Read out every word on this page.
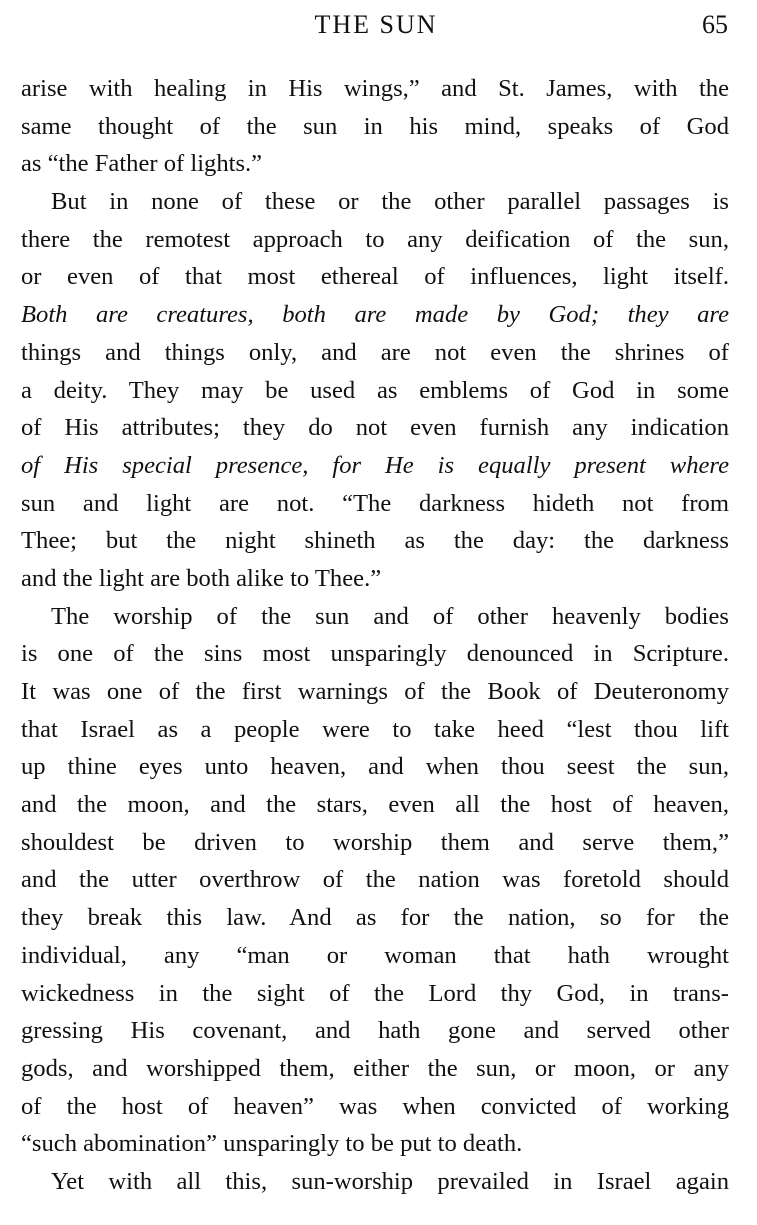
THE SUN	65
arise with healing in His wings,” and St. James, with the
same thought of the sun in his mind, speaks of God
as “the Father of lights.”
But in none of these or the other parallel passages is
there the remotest approach to any deification of the sun,
or even of that most ethereal of influences, light itself.
Both are creatures, both are made by God; they are
things and things only, and are not even the shrines of
a deity. They may be used as emblems of God in some
of His attributes; they do not even furnish any indication
of His special presence, for He is equally present where
sun and light are not. “The darkness hideth not from
Thee; but the night shineth as the day: the darkness
and the light are both alike to Thee.”
The worship of the sun and of other heavenly bodies
is one of the sins most unsparingly denounced in Scripture.
It was one of the first warnings of the Book of Deuteronomy
that Israel as a people were to take heed “lest thou lift
up thine eyes unto heaven, and when thou seest the sun,
and the moon, and the stars, even all the host of heaven,
shouldest be driven to worship them and serve them,”
and the utter overthrow of the nation was foretold should
they break this law. And as for the nation, so for the
individual, any “man or woman that hath wrought
wickedness in the sight of the Lord thy God, in trans-
gressing His covenant, and hath gone and served other
gods, and worshipped them, either the sun, or moon, or any
of the host of heaven” was when convicted of working
“such abomination” unsparingly to be put to death.
Yet with all this, sun-worship prevailed in Israel again
